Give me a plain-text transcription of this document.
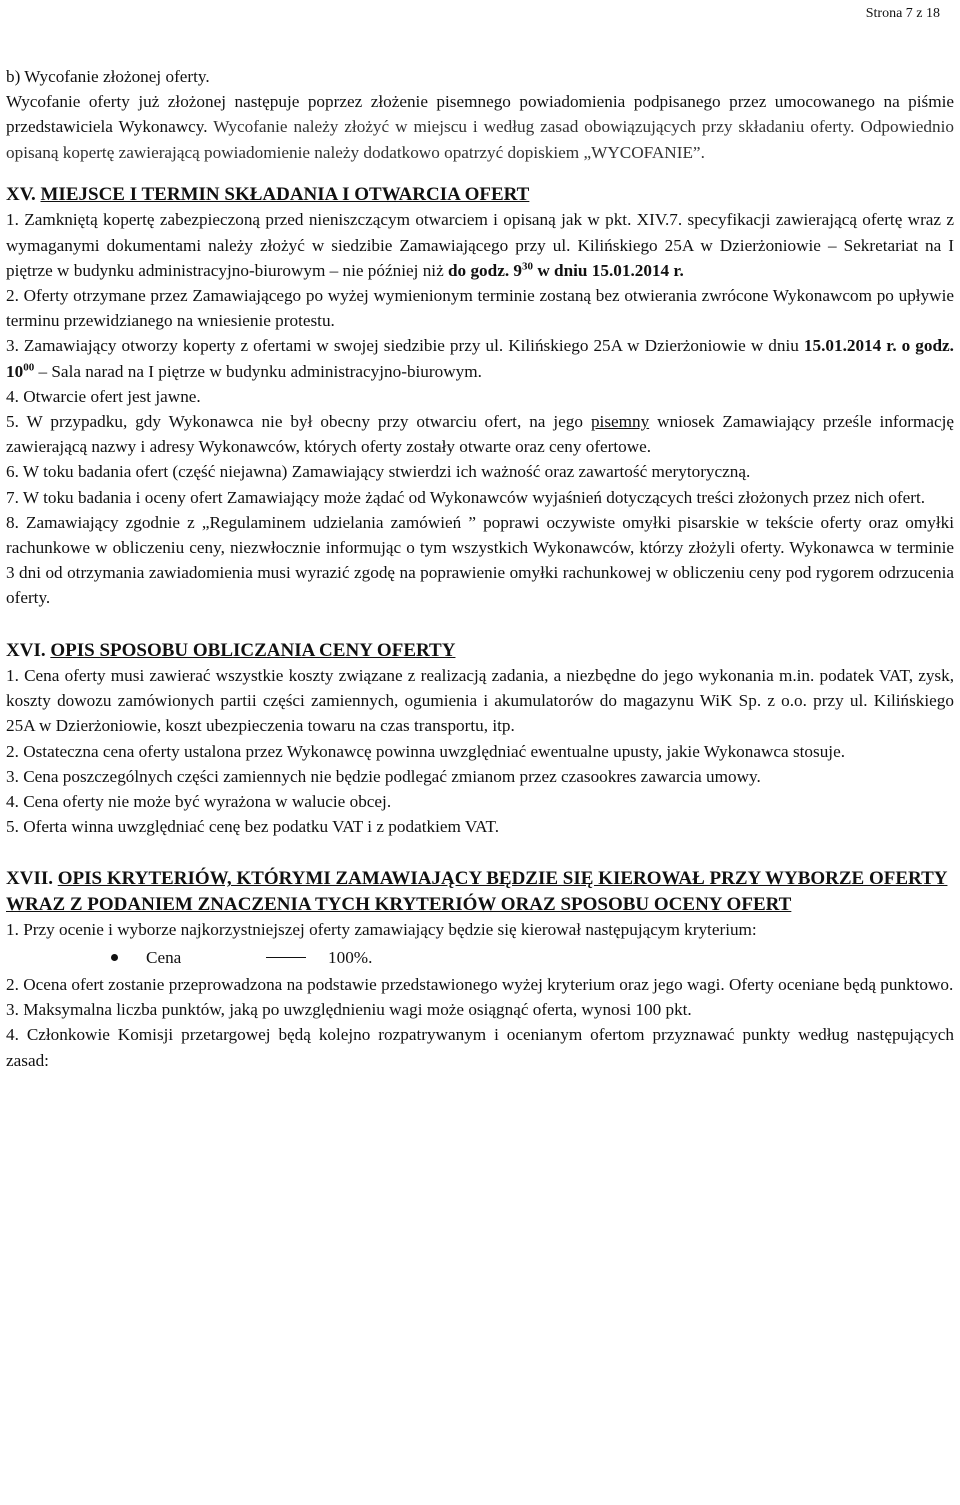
Strona 7 z 18

b) Wycofanie złożonej oferty.

Wycofanie oferty już złożonej następuje poprzez złożenie pisemnego powiadomienia podpisanego przez umocowanego na piśmie przedstawiciela Wykonawcy. Wycofanie należy złożyć w miejscu i według zasad obowiązujących przy składaniu oferty. Odpowiednio opisaną kopertę zawierającą powiadomienie należy dodatkowo opatrzyć dopiskiem „WYCOFANIE”.

XV. MIEJSCE I TERMIN SKŁADANIA I OTWARCIA OFERT

1. Zamkniętą kopertę zabezpieczoną przed nieniszczącym otwarciem i opisaną jak w pkt. XIV.7. specyfikacji zawierającą ofertę wraz z wymaganymi dokumentami należy złożyć w siedzibie Zamawiającego przy ul. Kilińskiego 25A w Dzierżoniowie – Sekretariat na I piętrze w budynku administracyjno-biurowym – nie później niż do godz. $9^{30}$ w dniu 15.01.2014 r.

2. Oferty otrzymane przez Zamawiającego po wyżej wymienionym terminie zostaną bez otwierania zwrócone Wykonawcom po upływie terminu przewidzianego na wniesienie protestu.

3. Zamawiający otworzy koperty z ofertami w swojej siedzibie przy ul. Kilińskiego 25A w Dzierżoniowie w dniu 15.01.2014 r. o godz. $10^{00}$ – Sala narad na I piętrze w budynku administracyjno-biurowym.

4. Otwarcie ofert jest jawne.

5. W przypadku, gdy Wykonawca nie był obecny przy otwarciu ofert, na jego pisemny wniosek Zamawiający prześle informację zawierającą nazwy i adresy Wykonawców, których oferty zostały otwarte oraz ceny ofertowe.

6. W toku badania ofert (część niejawna) Zamawiający stwierdzi ich ważność oraz zawartość merytoryczną.

7. W toku badania i oceny ofert Zamawiający może żądać od Wykonawców wyjaśnień dotyczących treści złożonych przez nich ofert.

8. Zamawiający zgodnie z „Regulaminem udzielania zamówień ” poprawi oczywiste omyłki pisarskie w tekście oferty oraz omyłki rachunkowe w obliczeniu ceny, niezwłocznie informując o tym wszystkich Wykonawców, którzy złożyli oferty. Wykonawca w terminie 3 dni od otrzymania zawiadomienia musi wyrazić zgodę na poprawienie omyłki rachunkowej w obliczeniu ceny pod rygorem odrzucenia oferty.

XVI. OPIS SPOSOBU OBLICZANIA CENY OFERTY

1. Cena oferty musi zawierać wszystkie koszty związane z realizacją zadania, a niezbędne do jego wykonania m.in. podatek VAT, zysk, koszty dowozu zamówionych partii części zamiennych, ogumienia i akumulatorów do magazynu WiK Sp. z o.o. przy ul. Kilińskiego 25A w Dzierżoniowie, koszt ubezpieczenia towaru na czas transportu, itp.

2. Ostateczna cena oferty ustalona przez Wykonawcę powinna uwzględniać ewentualne upusty, jakie Wykonawca stosuje.

3. Cena poszczególnych części zamiennych nie będzie podlegać zmianom przez czasookres zawarcia umowy.

4. Cena oferty nie może być wyrażona w walucie obcej.

5. Oferta winna uwzględniać cenę bez podatku VAT i z podatkiem VAT.

XVII. OPIS KRYTERIÓW, KTÓRYMI ZAMAWIAJĄCY BĘDZIE SIĘ KIEROWAŁ PRZY WYBORZE OFERTY WRAZ Z PODANIEM ZNACZENIA TYCH KRYTERIÓW ORAZ SPOSOBU OCENY OFERT

1. Przy ocenie i wyborze najkorzystniejszej oferty zamawiający będzie się kierował następującym kryterium:

Cena	100%.

2. Ocena ofert zostanie przeprowadzona na podstawie przedstawionego wyżej kryterium oraz jego wagi. Oferty oceniane będą punktowo.

3. Maksymalna liczba punktów, jaką po uwzględnieniu wagi może osiągnąć oferta, wynosi 100 pkt.

4. Członkowie Komisji przetargowej będą kolejno rozpatrywanym i ocenianym ofertom przyznawać punkty według następujących zasad:
